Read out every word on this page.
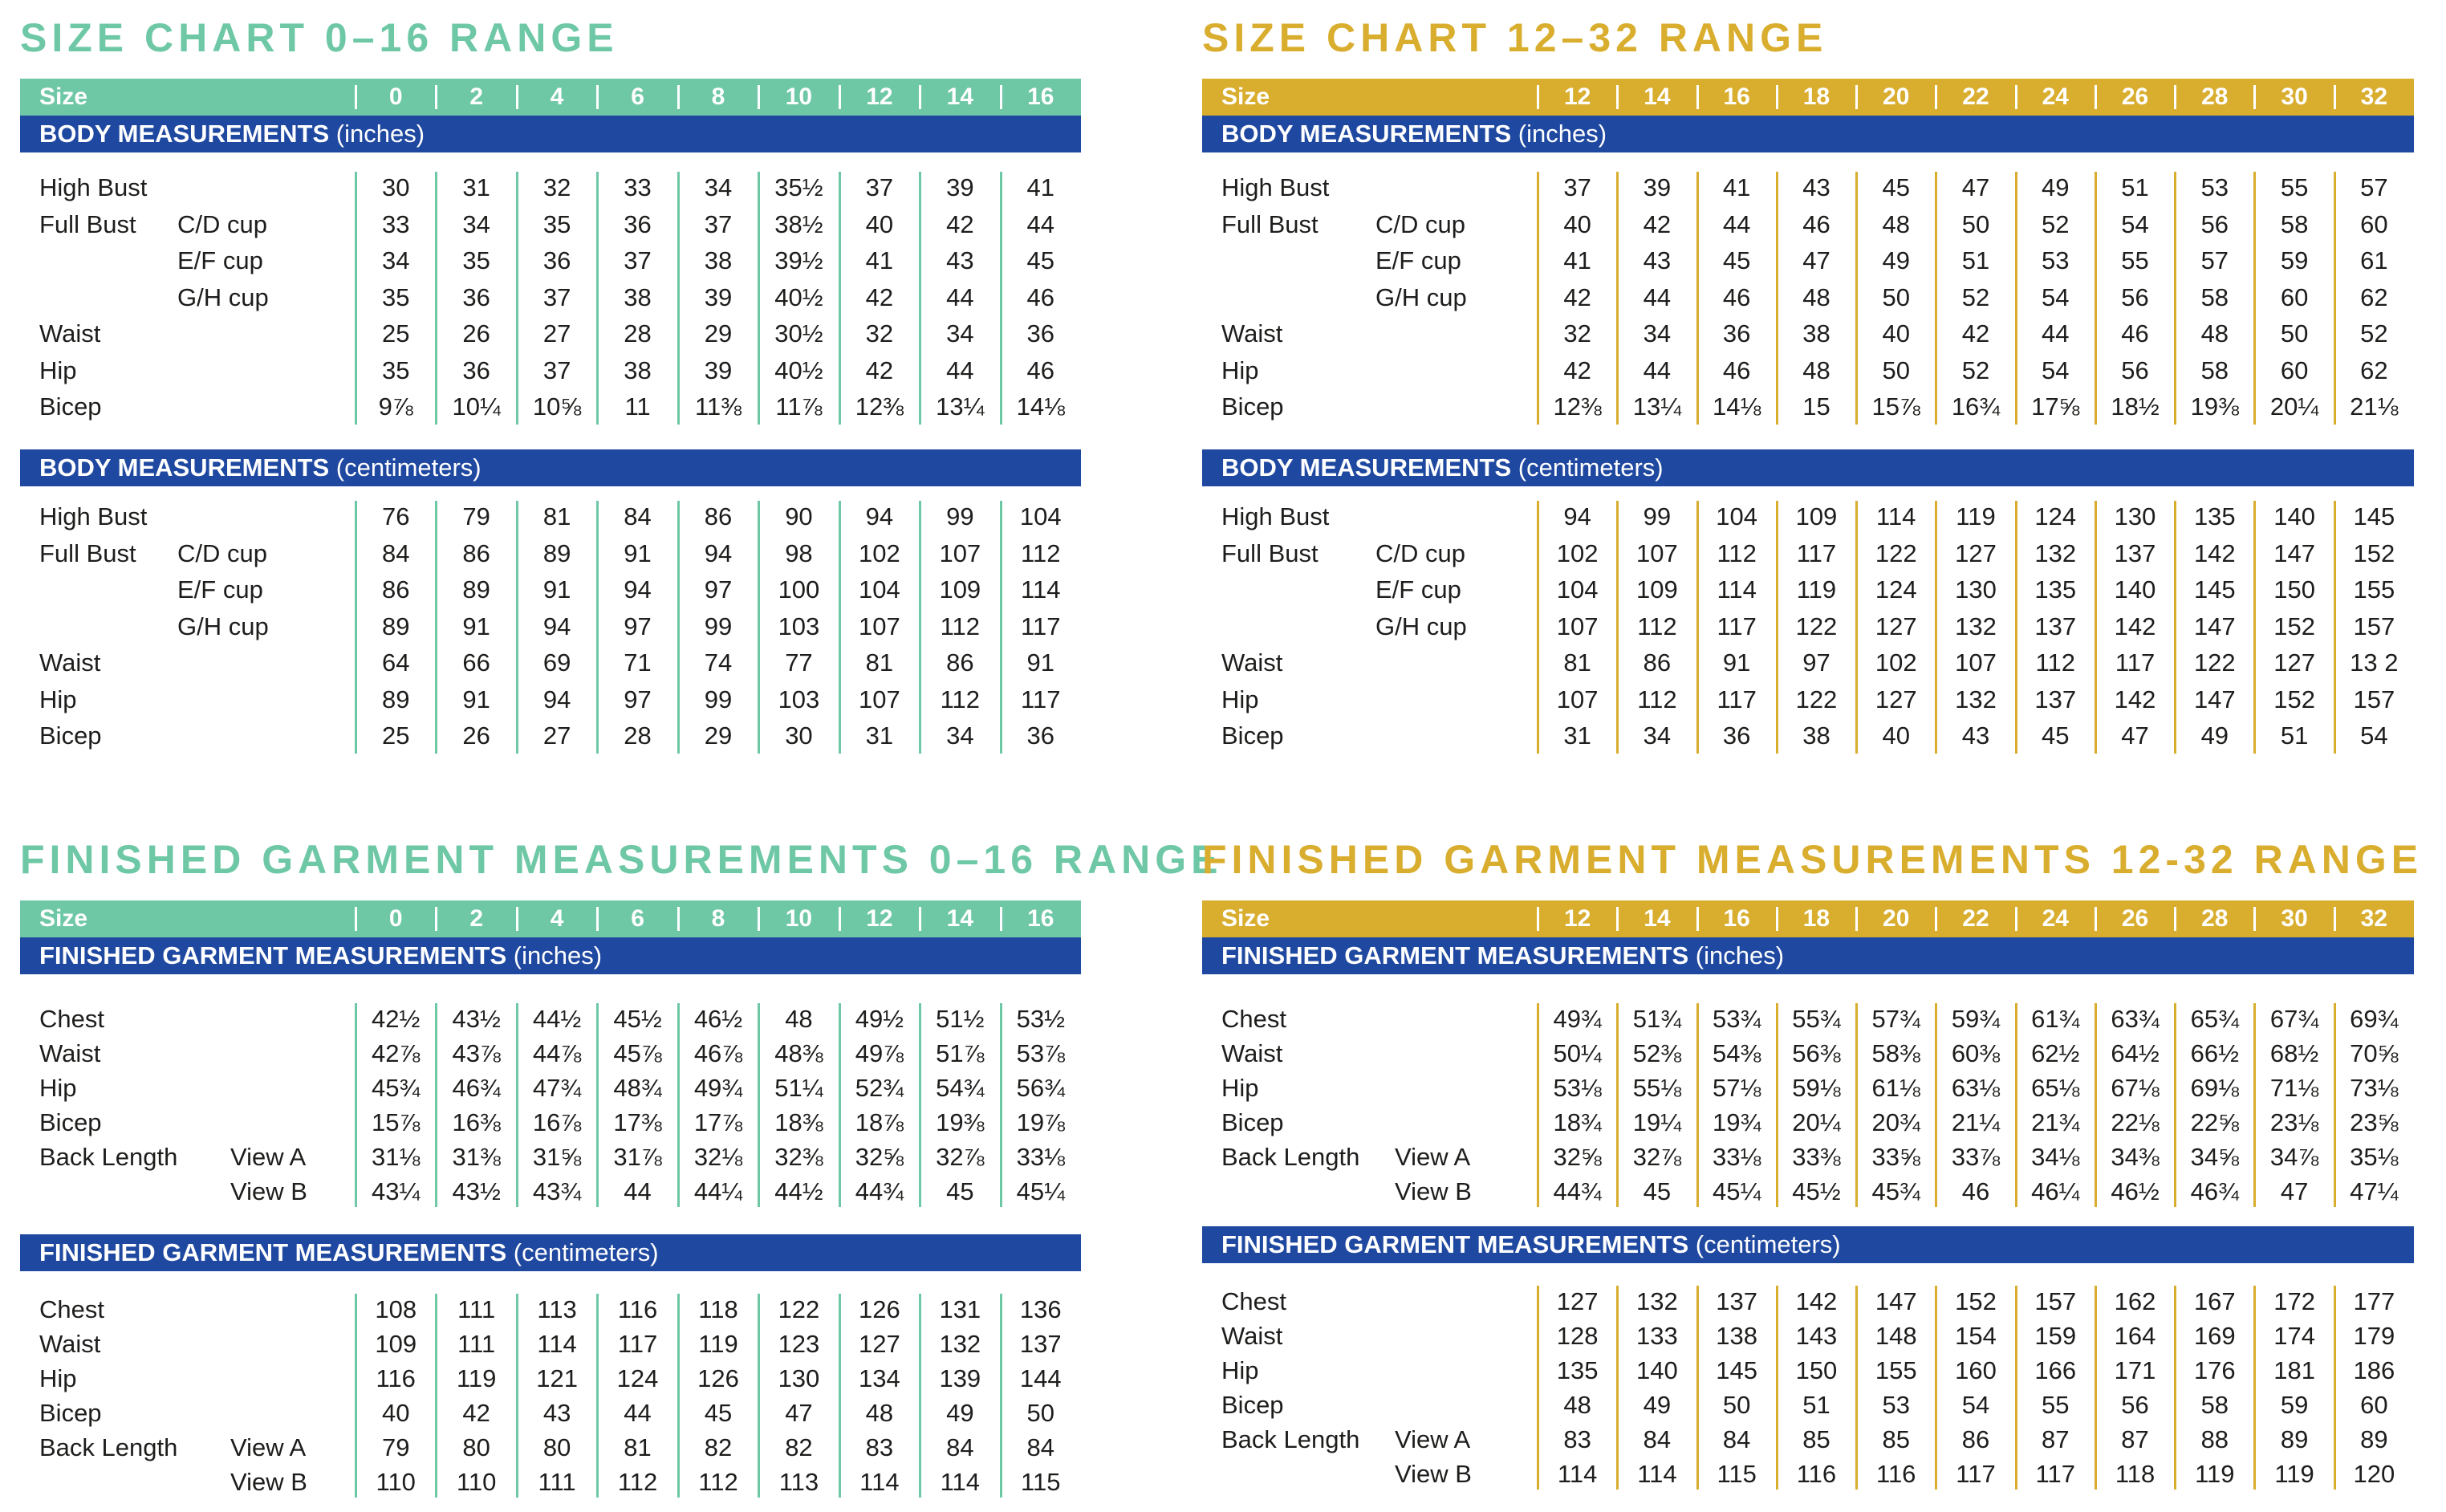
SIZE CHART 0–16 RANGE
Size	0	2	4	6	8	10	12	14	16
BODY MEASUREMENTS (inches)
High Bust	30	31	32	33	34	35½	37	39	41
Full Bust C/D cup	33	34	35	36	37	38½	40	42	44
E/F cup	34	35	36	37	38	39½	41	43	45
G/H cup	35	36	37	38	39	40½	42	44	46
Waist	25	26	27	28	29	30½	32	34	36
Hip	35	36	37	38	39	40½	42	44	46
Bicep	9⅞	10¼	10⅝	11	11⅜	11⅞	12⅜	13¼	14⅛
BODY MEASUREMENTS (centimeters)
High Bust	76	79	81	84	86	90	94	99	104
Full Bust C/D cup	84	86	89	91	94	98	102	107	112
E/F cup	86	89	91	94	97	100	104	109	114
G/H cup	89	91	94	97	99	103	107	112	117
Waist	64	66	69	71	74	77	81	86	91
Hip	89	91	94	97	99	103	107	112	117
Bicep	25	26	27	28	29	30	31	34	36
SIZE CHART 12–32 RANGE
Size	12	14	16	18	20	22	24	26	28	30	32
BODY MEASUREMENTS (inches)
High Bust	37	39	41	43	45	47	49	51	53	55	57
Full Bust C/D cup	40	42	44	46	48	50	52	54	56	58	60
E/F cup	41	43	45	47	49	51	53	55	57	59	61
G/H cup	42	44	46	48	50	52	54	56	58	60	62
Waist	32	34	36	38	40	42	44	46	48	50	52
Hip	42	44	46	48	50	52	54	56	58	60	62
Bicep	12⅜	13¼	14⅛	15	15⅞	16¾	17⅝	18½	19⅜	20¼	21⅛
BODY MEASUREMENTS (centimeters)
High Bust	94	99	104	109	114	119	124	130	135	140	145
Full Bust C/D cup	102	107	112	117	122	127	132	137	142	147	152
E/F cup	104	109	114	119	124	130	135	140	145	150	155
G/H cup	107	112	117	122	127	132	137	142	147	152	157
Waist	81	86	91	97	102	107	112	117	122	127	13 2
Hip	107	112	117	122	127	132	137	142	147	152	157
Bicep	31	34	36	38	40	43	45	47	49	51	54
FINISHED GARMENT MEASUREMENTS 0–16 RANGE
Size	0	2	4	6	8	10	12	14	16
FINISHED GARMENT MEASUREMENTS (inches)
Chest	42½	43½	44½	45½	46½	48	49½	51½	53½
Waist	42⅞	43⅞	44⅞	45⅞	46⅞	48⅜	49⅞	51⅞	53⅞
Hip	45¾	46¾	47¾	48¾	49¾	51¼	52¾	54¾	56¾
Bicep	15⅞	16⅜	16⅞	17⅜	17⅞	18⅜	18⅞	19⅜	19⅞
Back Length View A	31⅛	31⅜	31⅝	31⅞	32⅛	32⅜	32⅝	32⅞	33⅛
View B	43¼	43½	43¾	44	44¼	44½	44¾	45	45¼
FINISHED GARMENT MEASUREMENTS (centimeters)
Chest	108	111	113	116	118	122	126	131	136
Waist	109	111	114	117	119	123	127	132	137
Hip	116	119	121	124	126	130	134	139	144
Bicep	40	42	43	44	45	47	48	49	50
Back Length View A	79	80	80	81	82	82	83	84	84
View B	110	110	111	112	112	113	114	114	115
FINISHED GARMENT MEASUREMENTS 12-32 RANGE
Size	12	14	16	18	20	22	24	26	28	30	32
FINISHED GARMENT MEASUREMENTS (inches)
Chest	49¾	51¾	53¾	55¾	57¾	59¾	61¾	63¾	65¾	67¾	69¾
Waist	50¼	52⅜	54⅜	56⅜	58⅜	60⅜	62½	64½	66½	68½	70⅝
Hip	53⅛	55⅛	57⅛	59⅛	61⅛	63⅛	65⅛	67⅛	69⅛	71⅛	73⅛
Bicep	18¾	19¼	19¾	20¼	20¾	21¼	21¾	22⅛	22⅝	23⅛	23⅝
Back Length View A	32⅝	32⅞	33⅛	33⅜	33⅝	33⅞	34⅛	34⅜	34⅝	34⅞	35⅛
View B	44¾	45	45¼	45½	45¾	46	46¼	46½	46¾	47	47¼
FINISHED GARMENT MEASUREMENTS (centimeters)
Chest	127	132	137	142	147	152	157	162	167	172	177
Waist	128	133	138	143	148	154	159	164	169	174	179
Hip	135	140	145	150	155	160	166	171	176	181	186
Bicep	48	49	50	51	53	54	55	56	58	59	60
Back Length View A	83	84	84	85	85	86	87	87	88	89	89
View B	114	114	115	116	116	117	117	118	119	119	120
